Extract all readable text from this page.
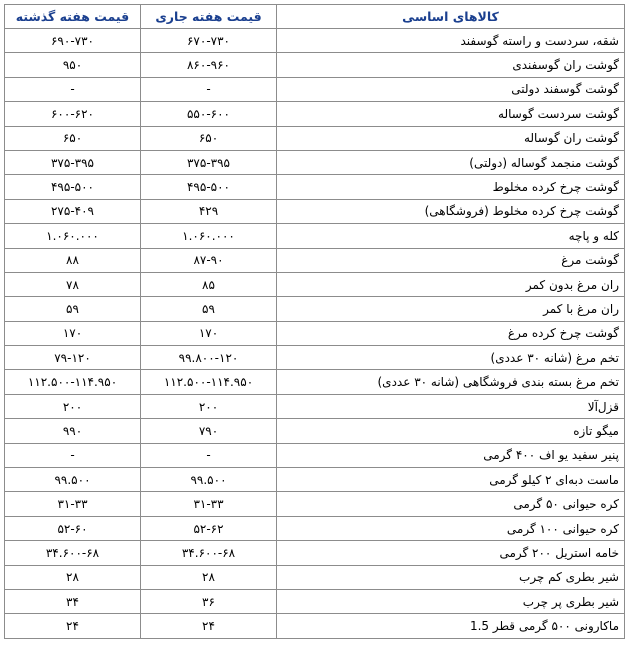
کالاهای اساسی	قیمت هفته جاری	قیمت هفته گذشته
شقه، سردست و راسته گوسفند	۶۷۰-۷۳۰	۶۹۰-۷۳۰
گوشت ران گوسفندی	۸۶۰-۹۶۰	۹۵۰
گوشت گوسفند دولتی	-	-
گوشت سردست گوساله	۵۵۰-۶۰۰	۶۰۰-۶۲۰
گوشت ران گوساله	۶۵۰	۶۵۰
گوشت منجمد گوساله (دولتی)	۳۷۵-۳۹۵	۳۷۵-۳۹۵
گوشت چرخ کرده مخلوط	۴۹۵-۵۰۰	۴۹۵-۵۰۰
گوشت چرخ کرده مخلوط (فروشگاهی)	۴۲۹	۲۷۵-۴۰۹
کله و پاچه	۱.۰۶۰.۰۰۰	۱.۰۶۰.۰۰۰
گوشت مرغ	۸۷-۹۰	۸۸
ران مرغ بدون کمر	۸۵	۷۸
ران مرغ با کمر	۵۹	۵۹
گوشت چرخ کرده مرغ	۱۷۰	۱۷۰
تخم مرغ (شانه ۳۰ عددی)	۹۹.۸۰۰-۱۲۰	۷۹-۱۲۰
تخم مرغ بسته بندی فروشگاهی (شانه ۳۰ عددی)	۱۱۲.۵۰۰-۱۱۴.۹۵۰	۱۱۲.۵۰۰-۱۱۴.۹۵۰
قزل‌آلا	۲۰۰	۲۰۰
میگو تازه	۷۹۰	۹۹۰
پنیر سفید یو اف ۴۰۰ گرمی	-	-
ماست دبه‌ای ۲ کیلو گرمی	۹۹.۵۰۰	۹۹.۵۰۰
کره حیوانی ۵۰ گرمی	۳۱-۳۳	۳۱-۳۳
کره حیوانی ۱۰۰ گرمی	۵۲-۶۲	۵۲-۶۰
خامه استریل ۲۰۰ گرمی	۳۴.۶۰۰-۶۸	۳۴.۶۰۰-۶۸
شیر بطری کم چرب	۲۸	۲۸
شیر بطری پر چرب	۳۶	۳۴
ماکارونی ۵۰۰ گرمی قطر 1.5	۲۴	۲۴
